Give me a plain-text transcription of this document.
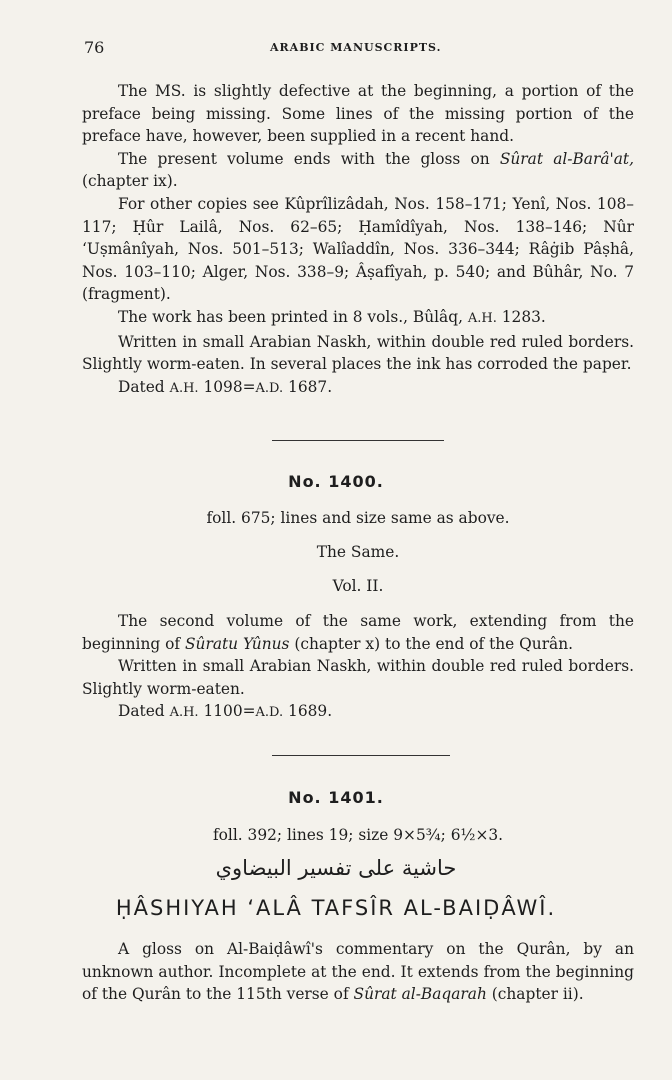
76	ARABIC MANUSCRIPTS.

The MS. is slightly defective at the beginning, a portion of the preface being missing. Some lines of the missing portion of the preface have, however, been supplied in a recent hand.

The present volume ends with the gloss on Sûrat al-Barâ'at, (chapter ix).

For other copies see Kûprîlizâdah, Nos. 158–171; Yenî, Nos. 108–117; Ḥûr Lailâ, Nos. 62–65; Ḥamîdîyah, Nos. 138–146; Nûr ʻUṣmânîyah, Nos. 501–513; Walîaddîn, Nos. 336–344; Râġib Pâṣhâ, Nos. 103–110; Alger, Nos. 338–9; Âṣafîyah, p. 540; and Bûhâr, No. 7 (fragment).

The work has been printed in 8 vols., Bûlâq, A.H. 1283.

Written in small Arabian Naskh, within double red ruled borders. Slightly worm-eaten. In several places the ink has corroded the paper.

Dated A.H. 1098=A.D. 1687.

No. 1400.
foll. 675; lines and size same as above.
The Same.
Vol. II.

The second volume of the same work, extending from the beginning of Sûratu Yûnus (chapter x) to the end of the Qurân.

Written in small Arabian Naskh, within double red ruled borders. Slightly worm-eaten.

Dated A.H. 1100=A.D. 1689.

No. 1401.
foll. 392; lines 19; size 9×5¾; 6½×3.
حاشية على تفسير البيضاوي
ḤÂSHIYAH ʻALÂ TAFSÎR AL-BAIḌÂWÎ.

A gloss on Al-Baiḍâwî's commentary on the Qurân, by an unknown author. Incomplete at the end. It extends from the beginning of the Qurân to the 115th verse of Sûrat al-Baqarah (chapter ii).
